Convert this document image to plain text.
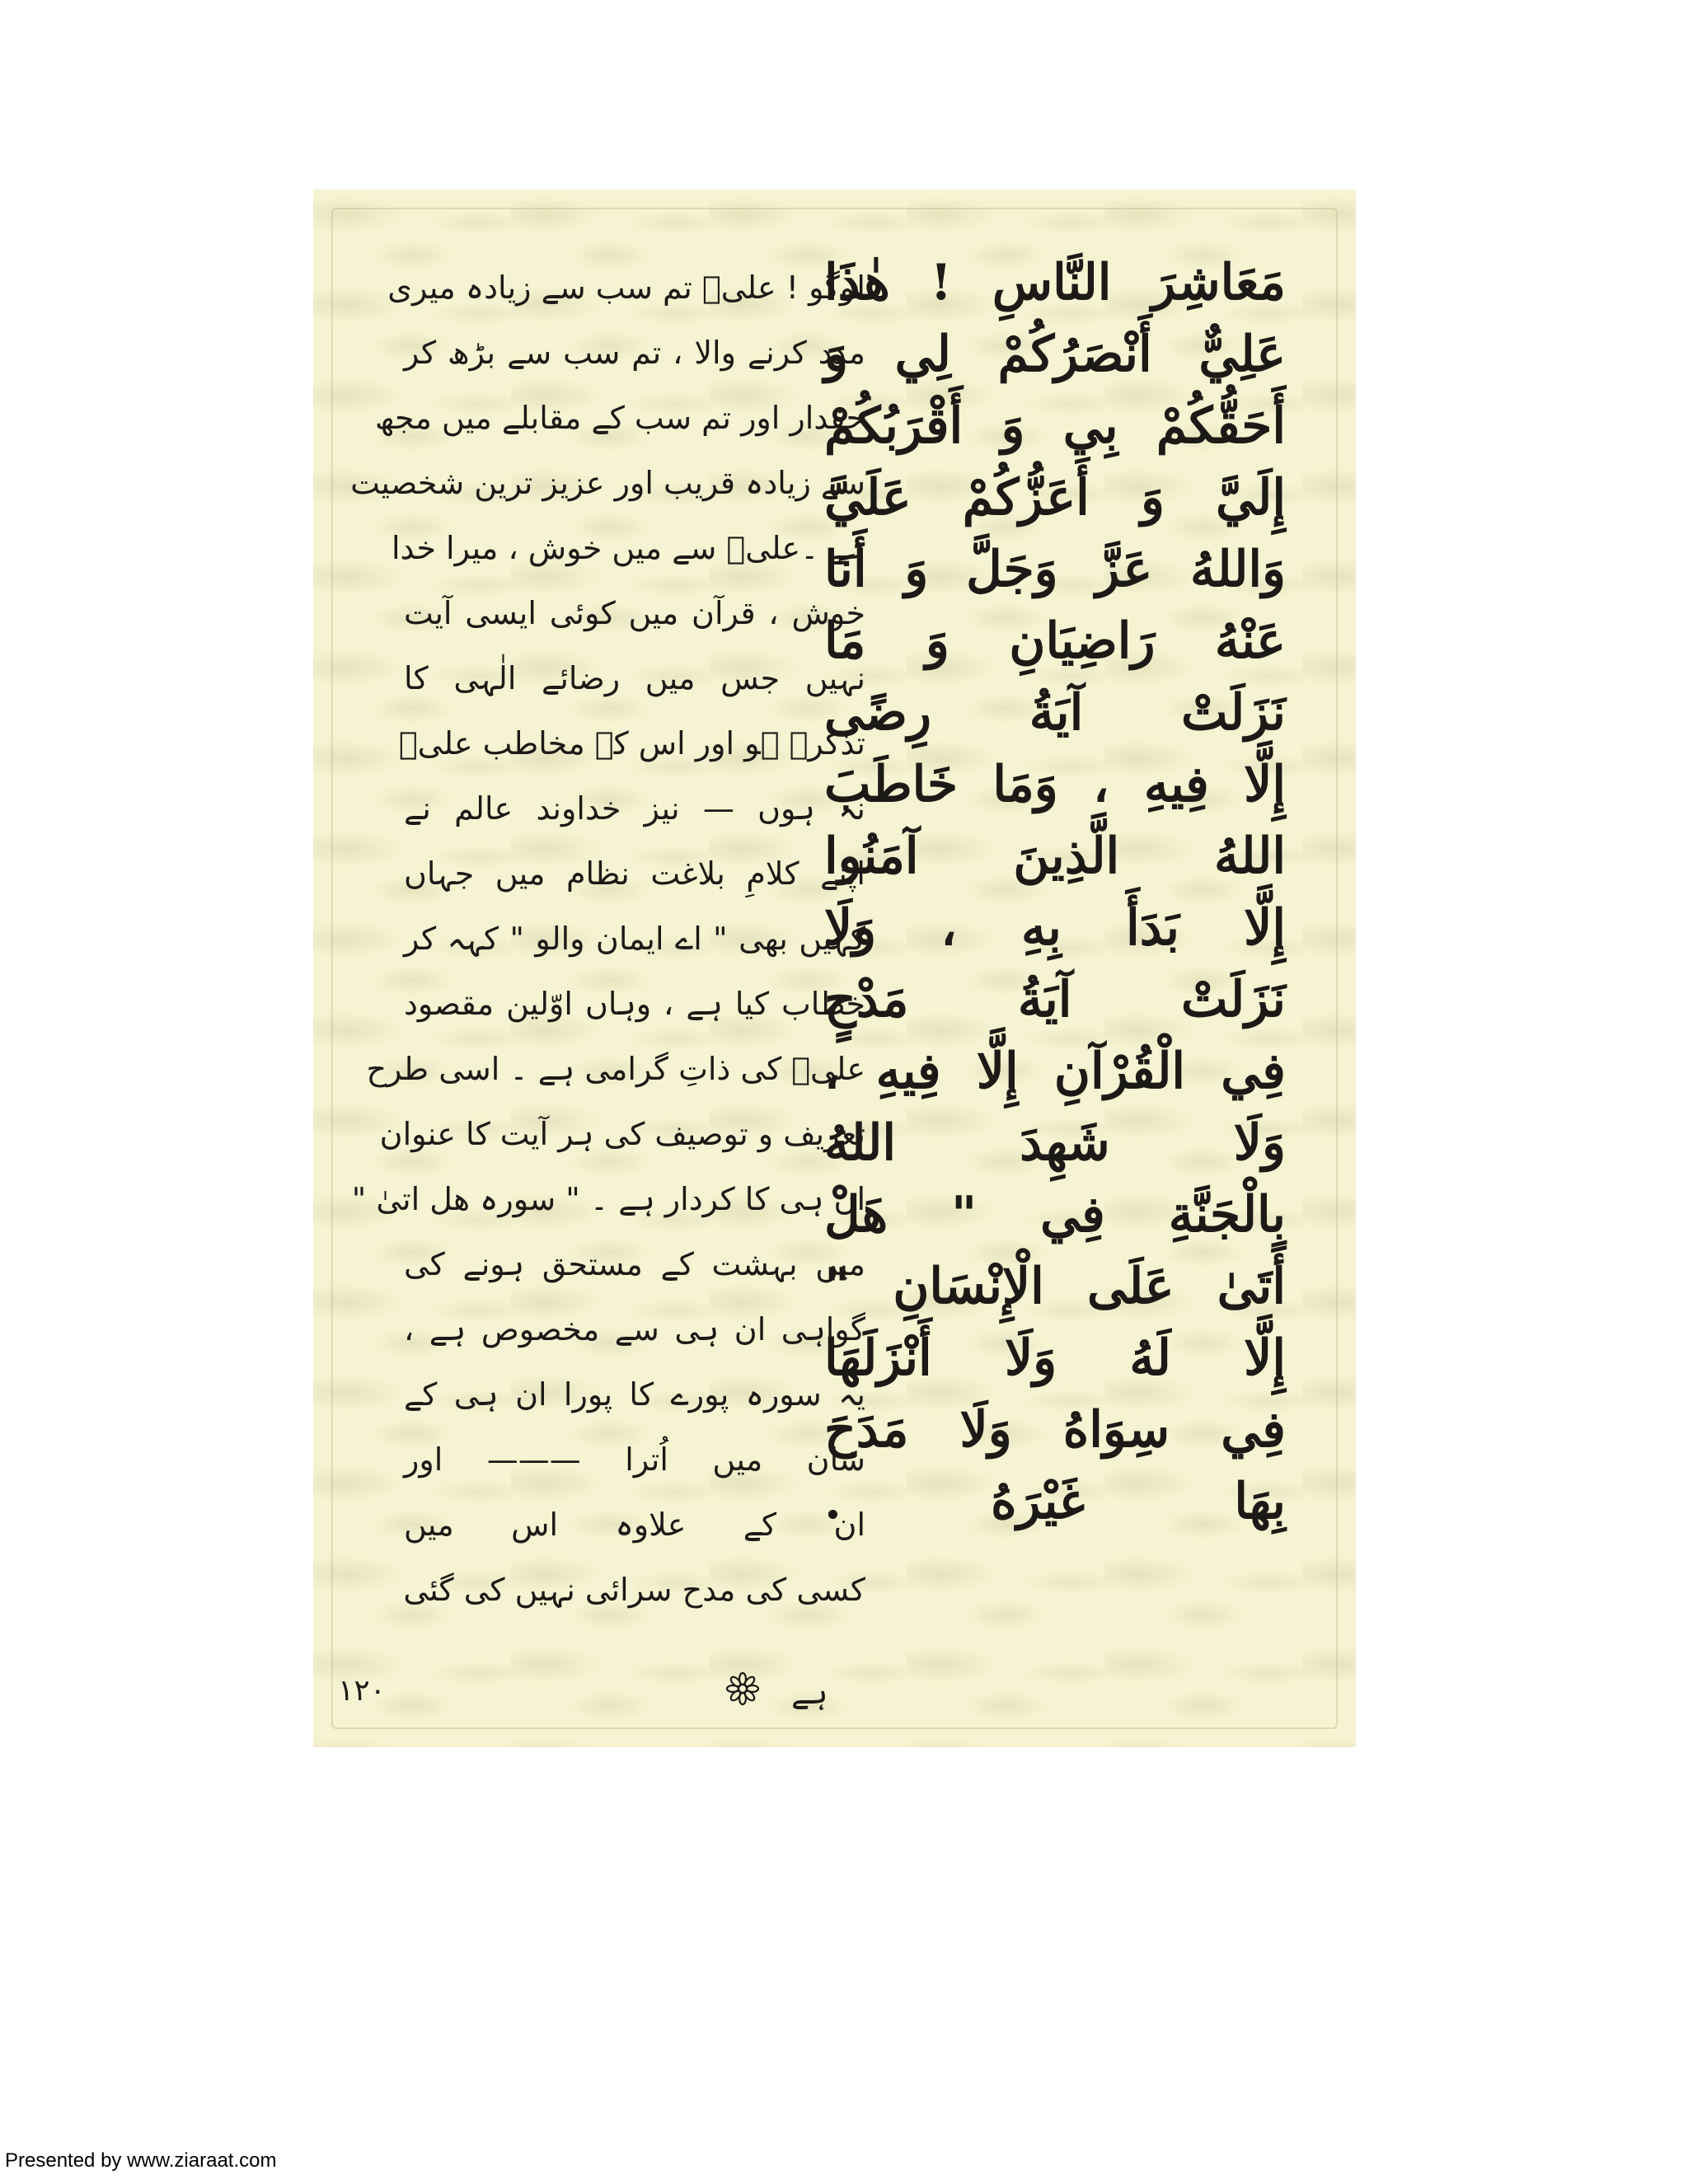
مَعَاشِرَ النَّاسِ ! هٰذَا
عَلِيٌّ أَنْصَرُكُمْ لِي وَ
أَحَقُّكُمْ بِي وَ أَقْرَبُكُمْ
إِلَيَّ وَ أَعَزُّكُمْ عَلَيَّ
وَاللهُ عَزَّ وَجَلَّ وَ أَنَا
عَنْهُ رَاضِيَانِ وَ مَا
نَزَلَتْ آيَةُ رِضًى
إِلَّا فِيهِ ، وَمَا خَاطَبَ
اللهُ الَّذِينَ آمَنُوا
إِلَّا بَدَأَ بِهِ ، وَلَا
نَزَلَتْ آيَةُ مَدْحٍ
فِي الْقُرْآنِ إِلَّا فِيهِ ،
وَلَا شَهِدَ اللهُ
بِالْجَنَّةِ فِي " هَلْ
أَتَىٰ عَلَى الْإِنْسَانِ "
إِلَّا لَهُ وَلَا أَنْزَلَهَا
فِي سِوَاهُ وَلَا مَدَحَ
بِهَا غَيْرَهُ .
لوگو ! علیؑ تم سب سے زیادہ میری
مدد کرنے والا ، تم سب سے بڑھ کر
حقدار اور تم سب کے مقابلے میں مجھ
سے زیادہ قریب اور عزیز ترین شخصیت
ہے ۔علیؑ سے میں خوش ، میرا خدا
خوش ، قرآن میں کوئی ایسی آیت
نہیں جس میں رضائے الٰہی کا
تذکرہ ہو اور اس کے مخاطب علیؑ
نہ ہوں — نیز خداوند عالم نے
اپنے کلامِ بلاغت نظام میں جہاں
کہیں بھی " اے ایمان والو " کہہ کر
خطاب کیا ہے ، وہاں اوّلین مقصود
علیؑ کی ذاتِ گرامی ہے ۔ اسی طرح
تعریف و توصیف کی ہر آیت کا عنوان
ان ہی کا کردار ہے ۔ " سورہ ھل اتیٰ "
میں بہشت کے مستحق ہونے کی
گواہی ان ہی سے مخصوص ہے ،
یہ سورہ پورے کا پورا ان ہی کے
شان میں اُترا ——— اور
ان کے علاوہ اس میں
کسی کی مدح سرائی نہیں کی گئی
ہے
۱۲۰
Presented by www.ziaraat.com
